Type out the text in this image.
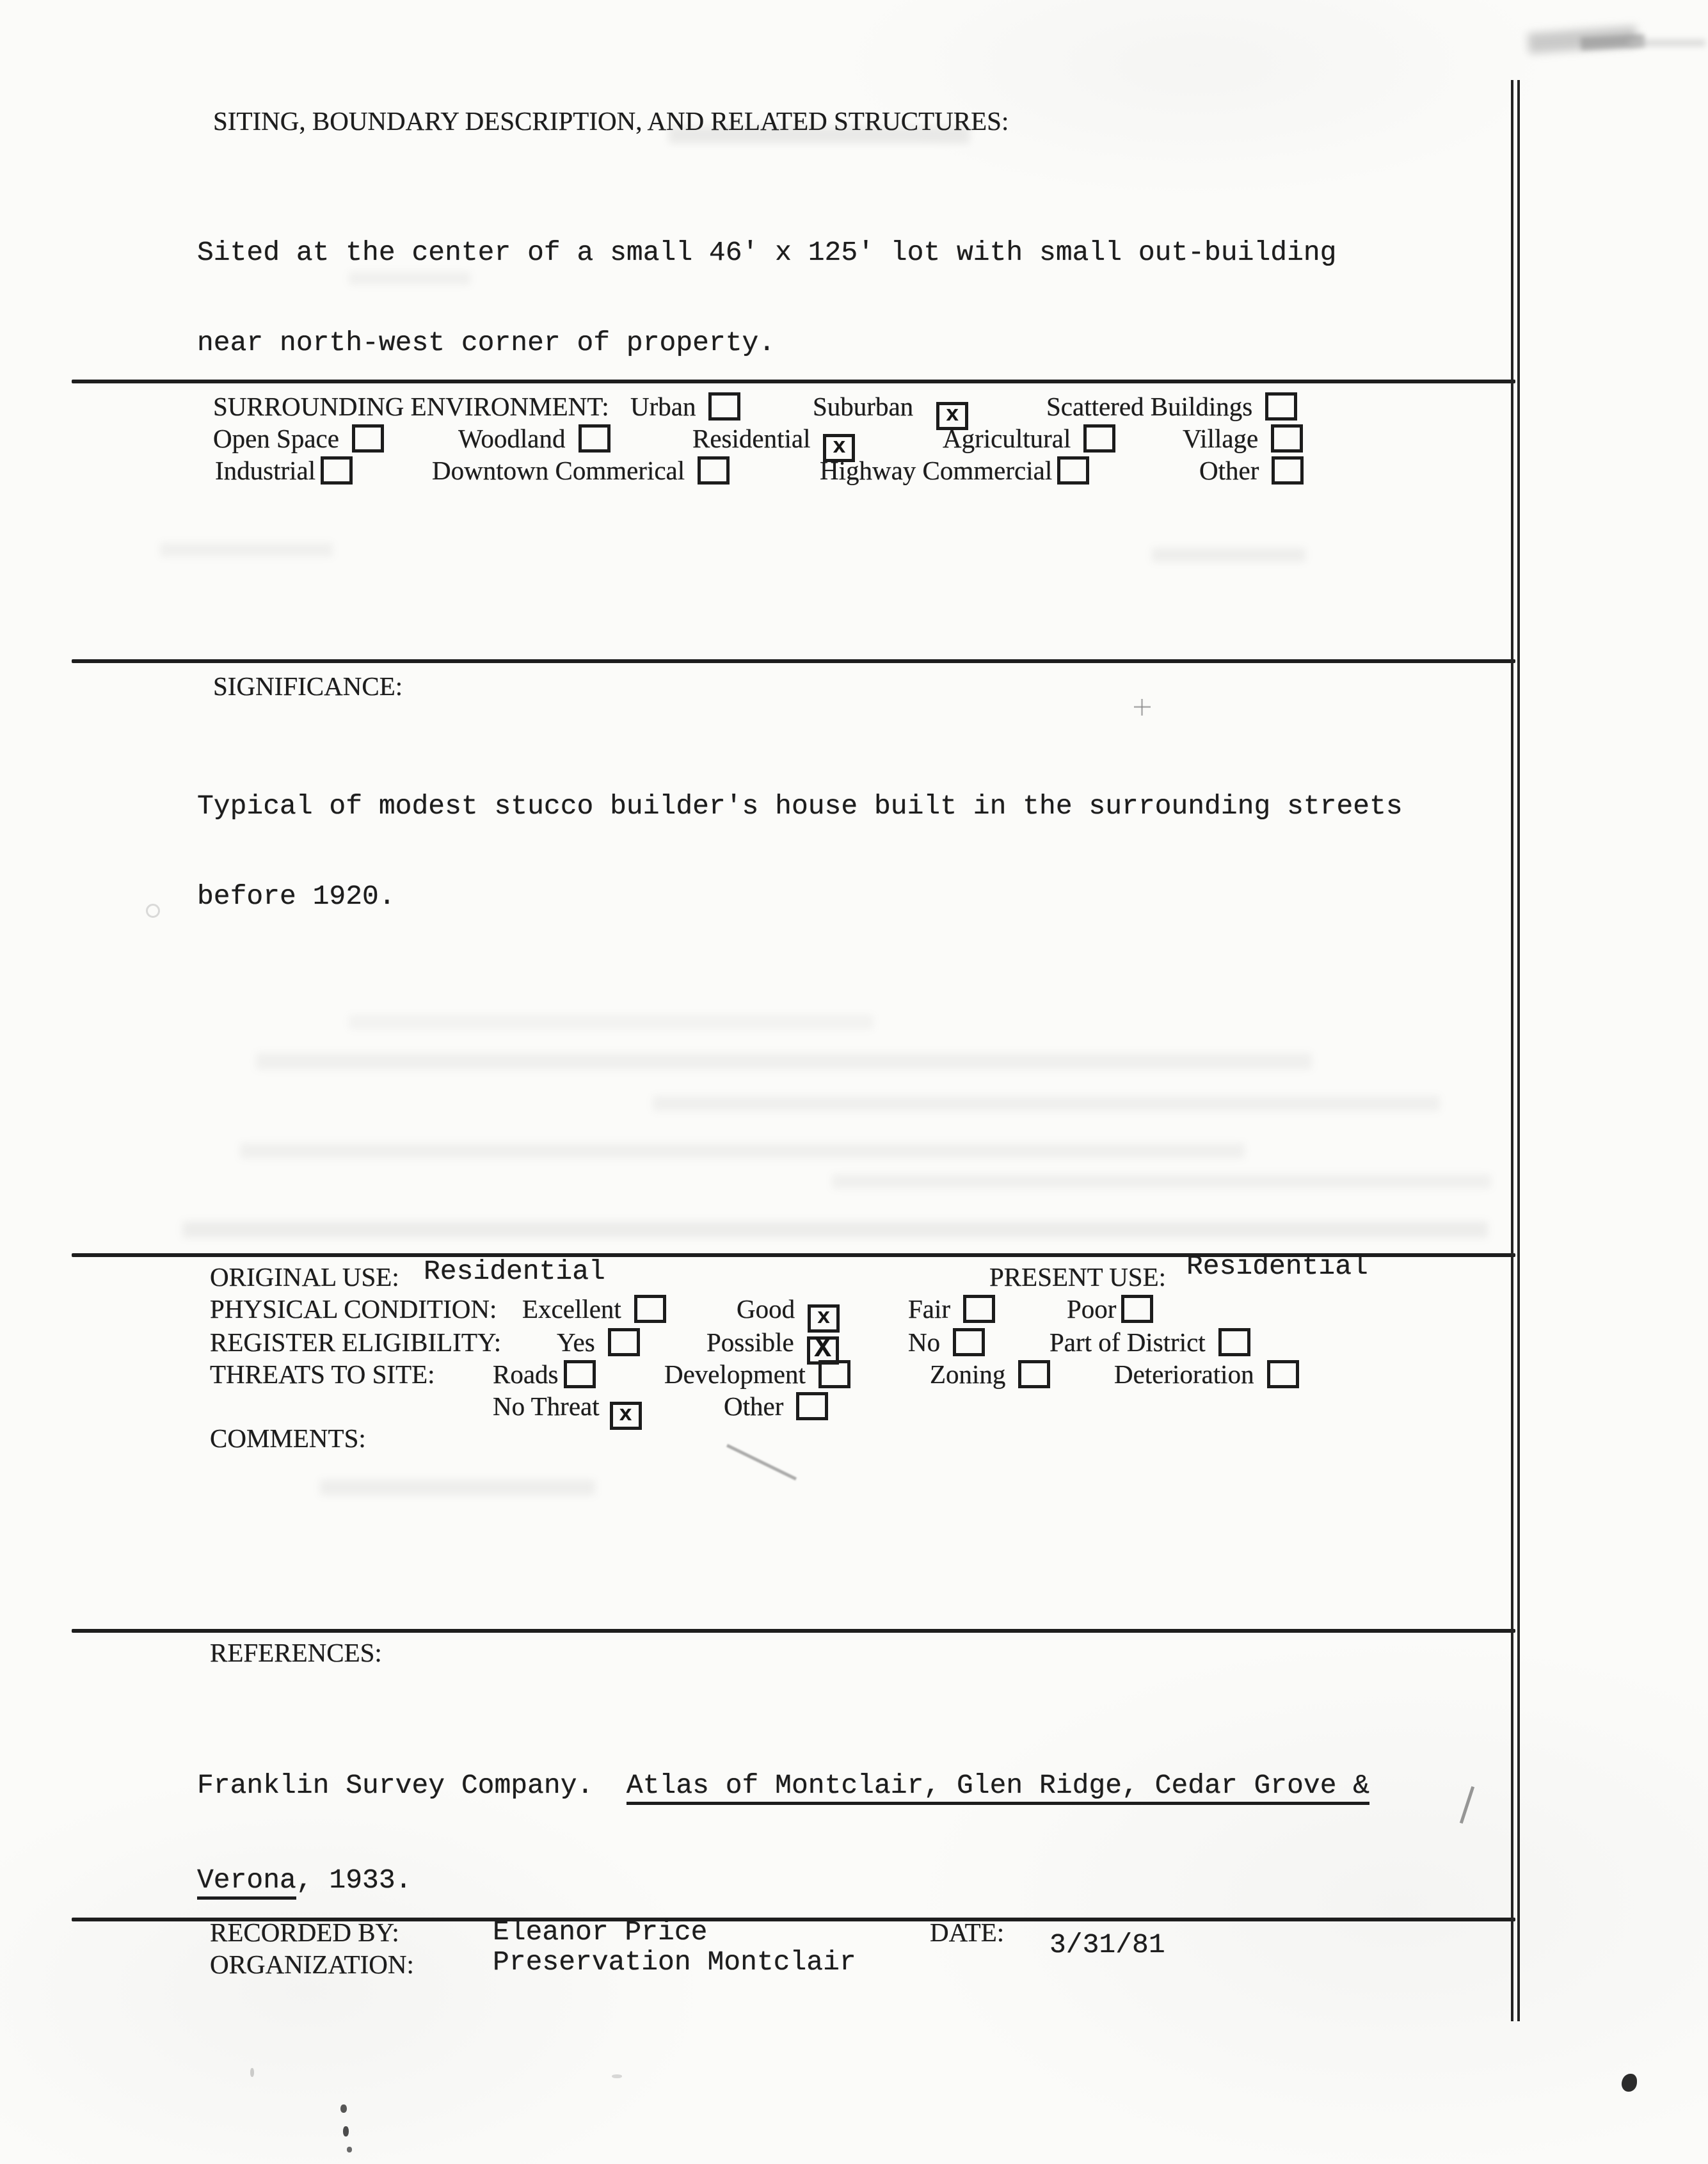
SITING, BOUNDARY DESCRIPTION, AND RELATED STRUCTURES:

Sited at the center of a small 46' x 125' lot with small out-building

near north-west corner of property.

SURROUNDING ENVIRONMENT: Urban	Suburban x	Scattered Buildings
Open Space	Woodland	Residential x	Agricultural	Village
Industrial	Downtown Commerical	Highway Commercial	Other
SIGNIFICANCE:

Typical of modest stucco builder's house built in the surrounding streets

before 1920.

ORIGINAL USE: Residential	PRESENT USE: Residential
PHYSICAL CONDITION: Excellent	Good x	Fair	Poor
REGISTER ELIGIBILITY: Yes	Possible X	No	Part of District
THREATS TO SITE: Roads	Development	Zoning	Deterioration
No Threat x	Other
COMMENTS:
REFERENCES:

Franklin Survey Company.  Atlas of Montclair, Glen Ridge, Cedar Grove &

Verona, 1933.

RECORDED BY:	Eleanor Price
ORGANIZATION:	Preservation Montclair
DATE: 3/31/81
